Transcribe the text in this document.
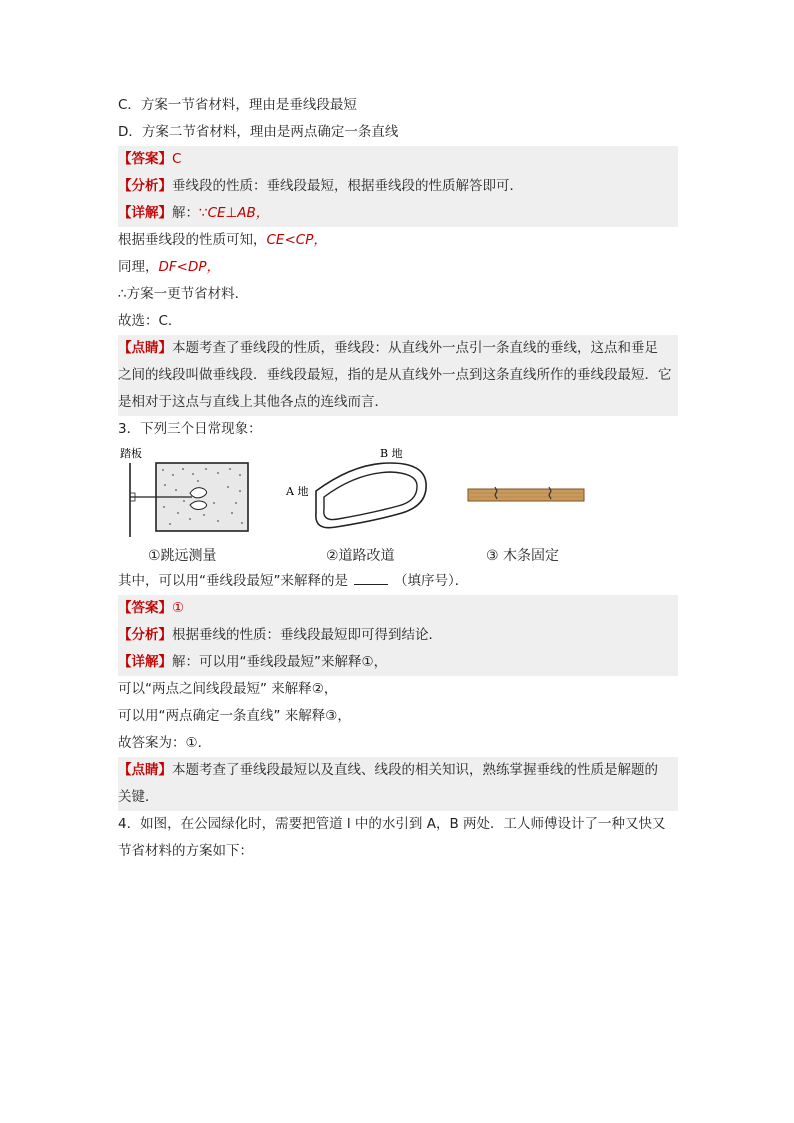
C．方案一节省材料，理由是垂线段最短
D．方案二节省材料，理由是两点确定一条直线
【答案】C
【分析】垂线段的性质：垂线段最短，根据垂线段的性质解答即可．
【详解】解：∵CE⊥AB，
根据垂线段的性质可知，CE<CP，
同理，DF<DP，
∴方案一更节省材料．
故选：C．
【点睛】本题考查了垂线段的性质，垂线段：从直线外一点引一条直线的垂线，这点和垂足
之间的线段叫做垂线段．垂线段最短，指的是从直线外一点到这条直线所作的垂线段最短．它
是相对于这点与直线上其他各点的连线而言．
3．下列三个日常现象：
踏板
①跳远测量
B 地
A 地
②道路改道	③ 木条固定
其中，可以用“垂线段最短”来解释的是	（填序号）．
【答案】①
【分析】根据垂线的性质：垂线段最短即可得到结论．
【详解】解：可以用“垂线段最短”来解释①，
可以“两点之间线段最短” 来解释②，
可以用“两点确定一条直线” 来解释③，
故答案为：①．
【点睛】本题考查了垂线段最短以及直线、线段的相关知识，熟练掌握垂线的性质是解题的
关键．
4．如图，在公园绿化时，需要把管道 l 中的水引到 A，B 两处．工人师傅设计了一种又快又
节省材料的方案如下：
